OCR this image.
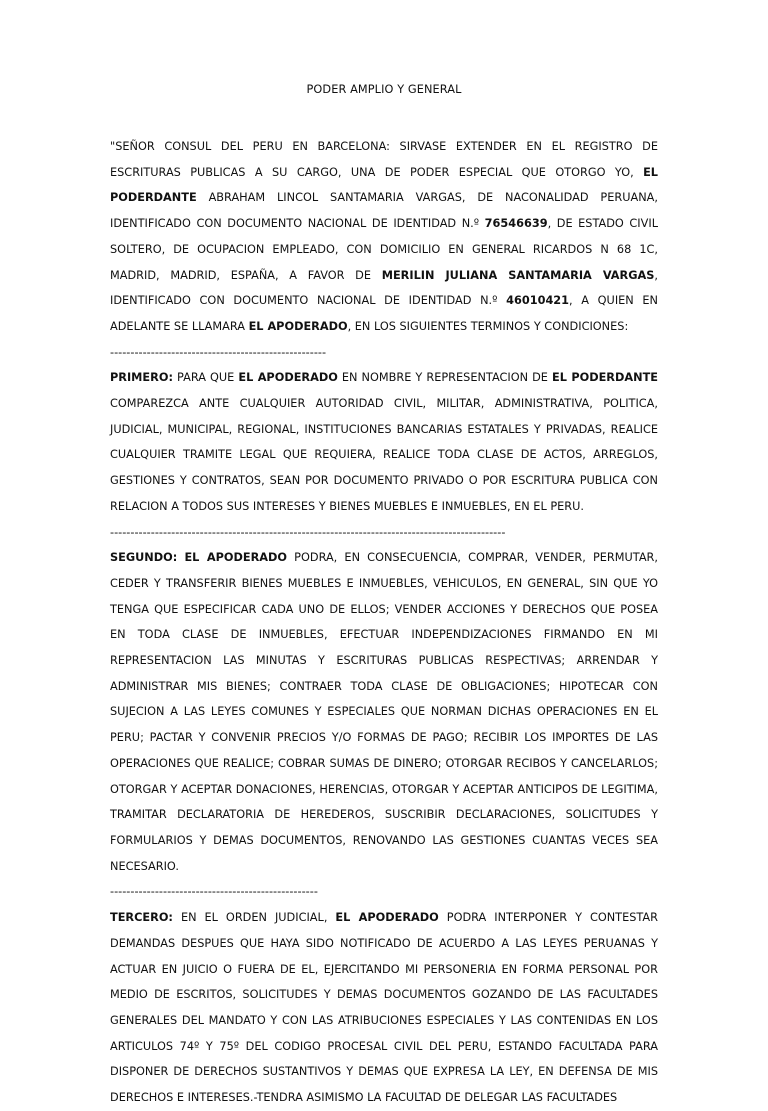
PODER AMPLIO Y GENERAL

"SEÑOR CONSUL DEL PERU EN BARCELONA: SIRVASE EXTENDER EN EL REGISTRO DE ESCRITURAS PUBLICAS A SU CARGO, UNA DE PODER ESPECIAL QUE OTORGO YO, EL PODERDANTE ABRAHAM LINCOL SANTAMARIA VARGAS, DE NACONALIDAD PERUANA, IDENTIFICADO CON DOCUMENTO NACIONAL DE IDENTIDAD N.º 76546639, DE ESTADO CIVIL SOLTERO, DE OCUPACION EMPLEADO, CON DOMICILIO EN GENERAL RICARDOS N 68 1C, MADRID, MADRID, ESPAÑA, A FAVOR DE MERILIN JULIANA SANTAMARIA VARGAS, IDENTIFICADO CON DOCUMENTO NACIONAL DE IDENTIDAD N.º 46010421, A QUIEN EN ADELANTE SE LLAMARA EL APODERADO, EN LOS SIGUIENTES TERMINOS Y CONDICIONES:

-----------------------------------------------------

PRIMERO: PARA QUE EL APODERADO EN NOMBRE Y REPRESENTACION DE EL PODERDANTE COMPAREZCA ANTE CUALQUIER AUTORIDAD CIVIL, MILITAR, ADMINISTRATIVA, POLITICA, JUDICIAL, MUNICIPAL, REGIONAL, INSTITUCIONES BANCARIAS ESTATALES Y PRIVADAS, REALICE CUALQUIER TRAMITE LEGAL QUE REQUIERA, REALICE TODA CLASE DE ACTOS, ARREGLOS, GESTIONES Y CONTRATOS, SEAN POR DOCUMENTO PRIVADO O POR ESCRITURA PUBLICA CON RELACION A TODOS SUS INTERESES Y BIENES MUEBLES E INMUEBLES, EN EL PERU.

-------------------------------------------------------------------------------------------------

SEGUNDO: EL APODERADO PODRA, EN CONSECUENCIA, COMPRAR, VENDER, PERMUTAR, CEDER Y TRANSFERIR BIENES MUEBLES E INMUEBLES, VEHICULOS, EN GENERAL, SIN QUE YO TENGA QUE ESPECIFICAR CADA UNO DE ELLOS; VENDER ACCIONES Y DERECHOS QUE POSEA EN TODA CLASE DE INMUEBLES, EFECTUAR INDEPENDIZACIONES FIRMANDO EN MI REPRESENTACION LAS MINUTAS Y ESCRITURAS PUBLICAS RESPECTIVAS; ARRENDAR Y ADMINISTRAR MIS BIENES; CONTRAER TODA CLASE DE OBLIGACIONES; HIPOTECAR CON SUJECION A LAS LEYES COMUNES Y ESPECIALES QUE NORMAN DICHAS OPERACIONES EN EL PERU; PACTAR Y CONVENIR PRECIOS Y/O FORMAS DE PAGO; RECIBIR LOS IMPORTES DE LAS OPERACIONES QUE REALICE; COBRAR SUMAS DE DINERO; OTORGAR RECIBOS Y CANCELARLOS; OTORGAR Y ACEPTAR DONACIONES, HERENCIAS, OTORGAR Y ACEPTAR ANTICIPOS DE LEGITIMA, TRAMITAR DECLARATORIA DE HEREDEROS, SUSCRIBIR DECLARACIONES, SOLICITUDES Y FORMULARIOS Y DEMAS DOCUMENTOS, RENOVANDO LAS GESTIONES CUANTAS VECES SEA NECESARIO.

---------------------------------------------------

TERCERO: EN EL ORDEN JUDICIAL, EL APODERADO PODRA INTERPONER Y CONTESTAR DEMANDAS DESPUES QUE HAYA SIDO NOTIFICADO DE ACUERDO A LAS LEYES PERUANAS Y ACTUAR EN JUICIO O FUERA DE EL, EJERCITANDO MI PERSONERIA EN FORMA PERSONAL POR MEDIO DE ESCRITOS, SOLICITUDES Y DEMAS DOCUMENTOS GOZANDO DE LAS FACULTADES GENERALES DEL MANDATO Y CON LAS ATRIBUCIONES ESPECIALES Y LAS CONTENIDAS EN LOS ARTICULOS 74º Y 75º DEL CODIGO PROCESAL CIVIL DEL PERU, ESTANDO FACULTADA PARA DISPONER DE DERECHOS SUSTANTIVOS Y DEMAS QUE EXPRESA LA LEY, EN DEFENSA DE MIS DERECHOS E INTERESES.-TENDRA ASIMISMO LA FACULTAD DE DELEGAR LAS FACULTADES
